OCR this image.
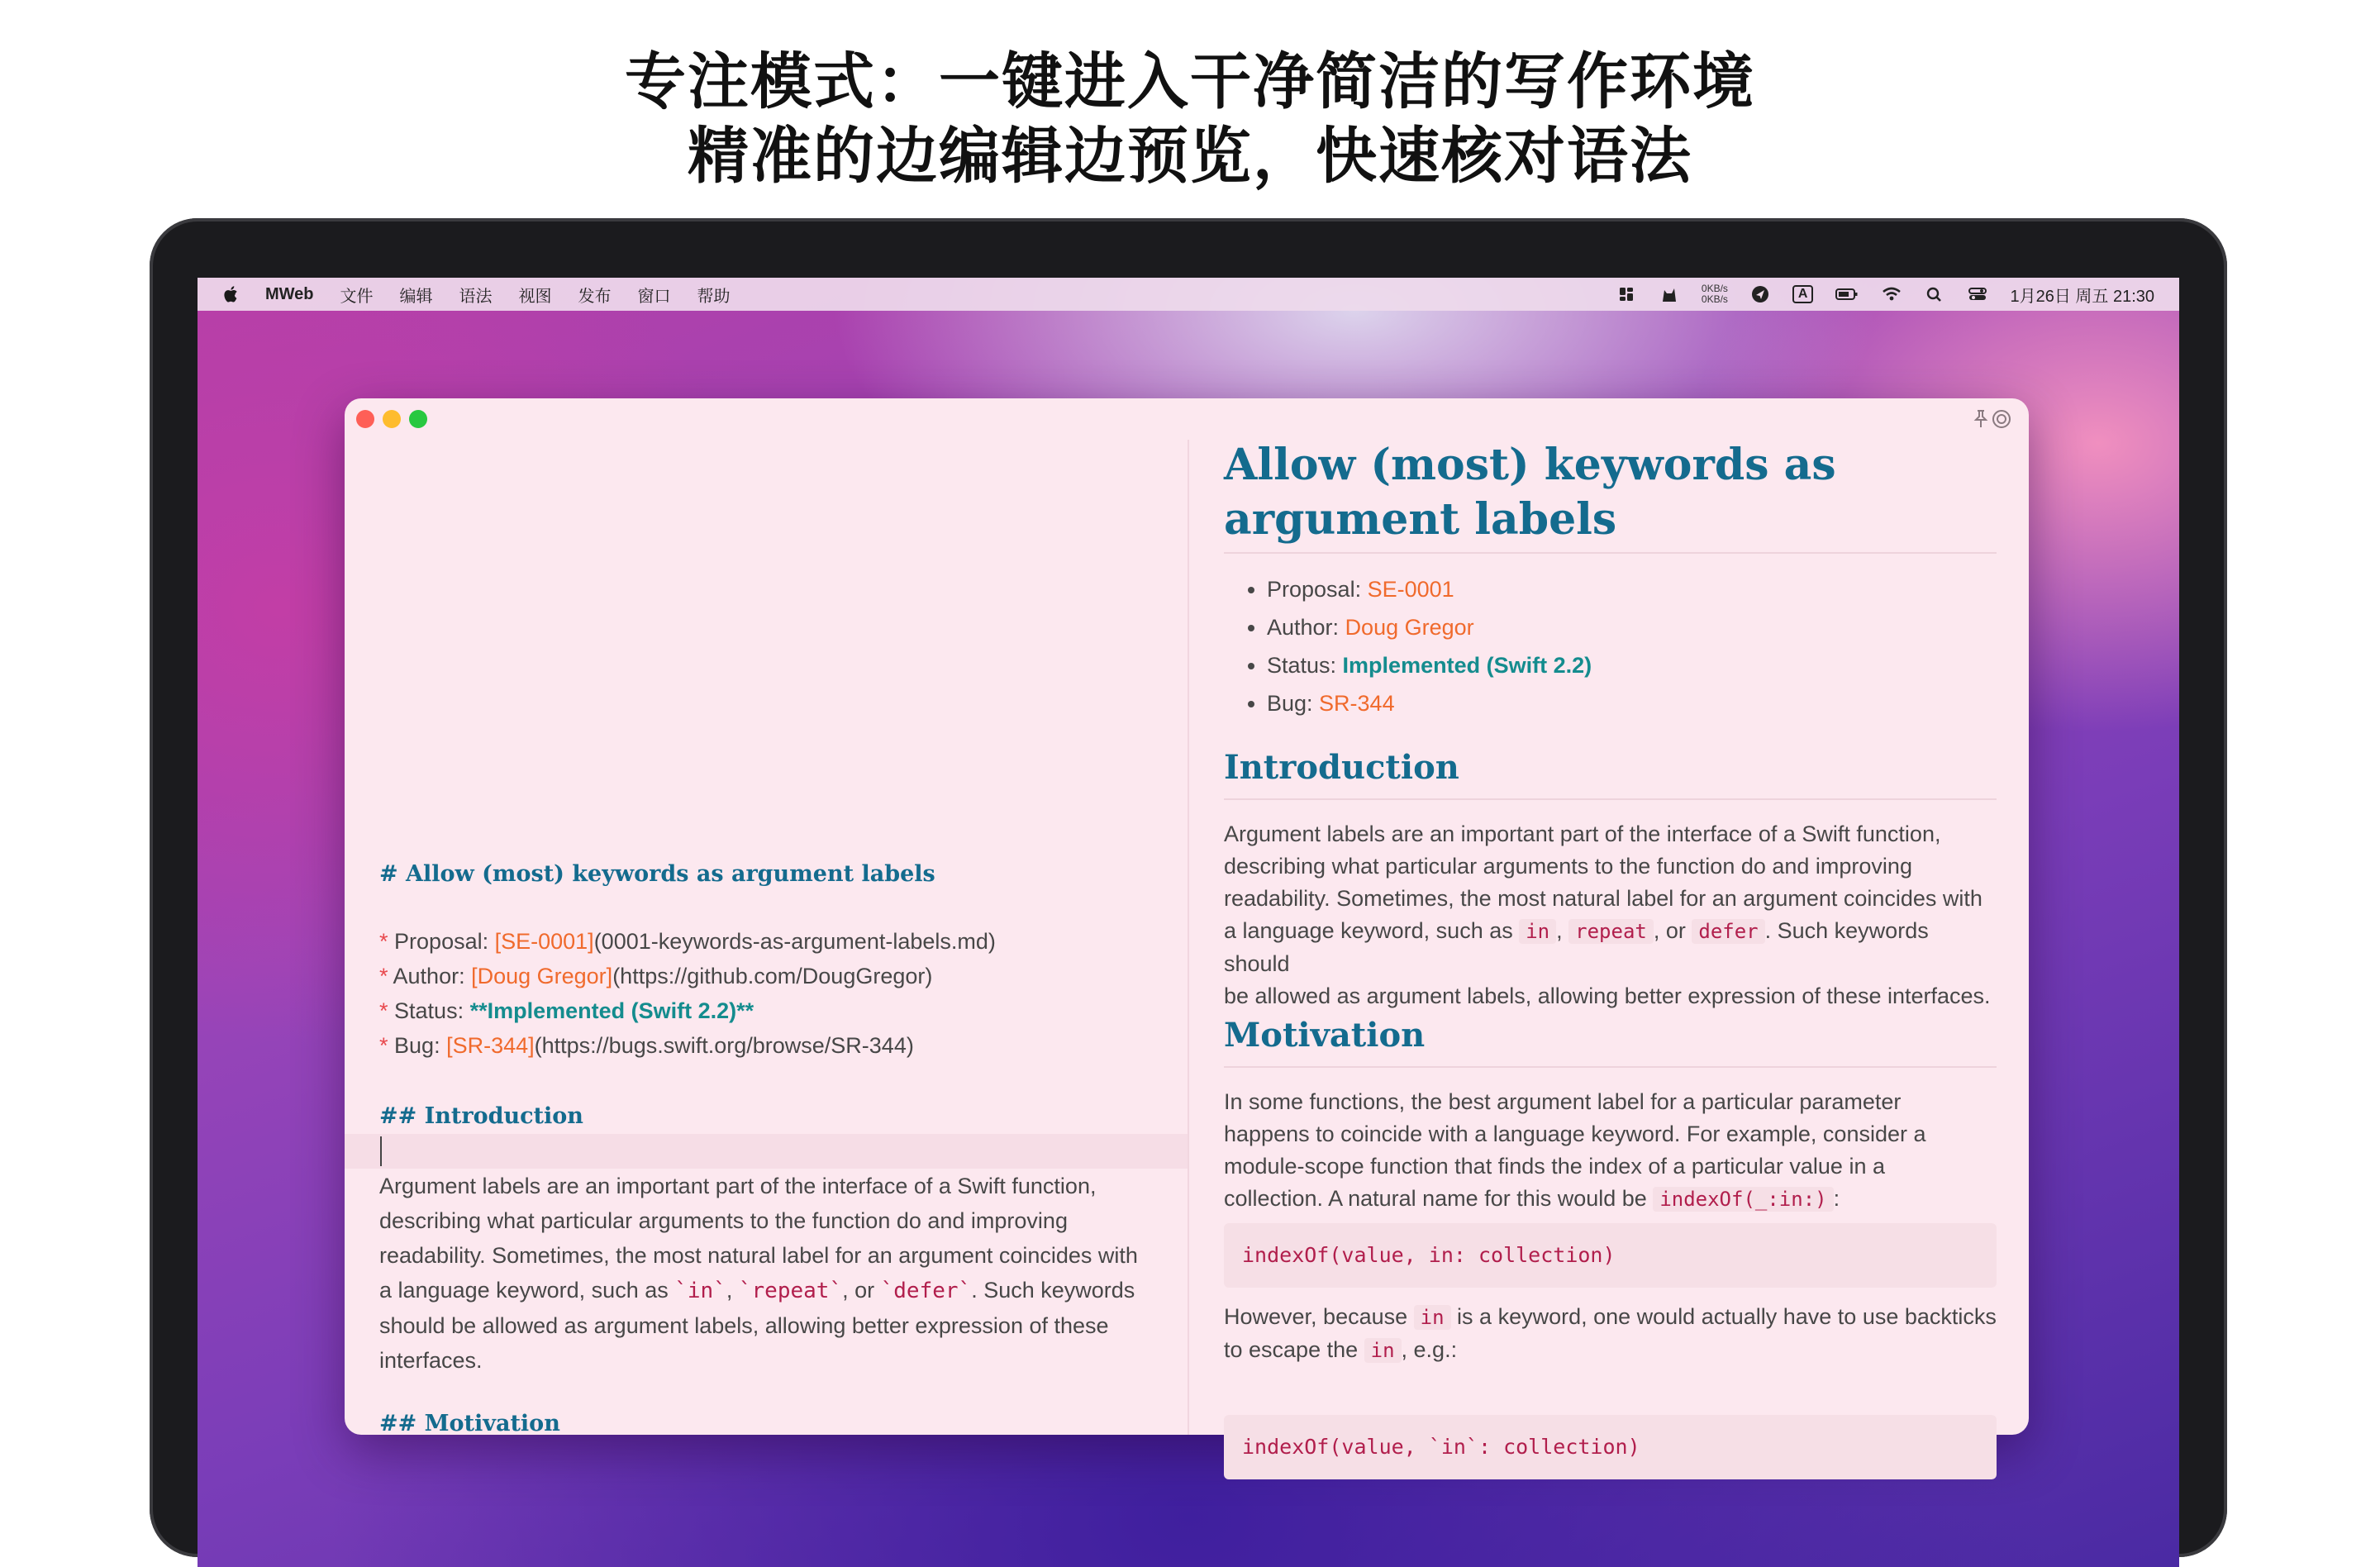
专注模式：一键进入干净简洁的写作环境
精准的边编辑边预览，快速核对语法
MWeb 文件 编辑 语法 视图 发布 窗口 帮助	0KB/s
0KB/s	A	1月26日 周五 21:30
# Allow (most) keywords as argument labels
* Proposal: [SE-0001](0001-keywords-as-argument-labels.md)
* Author: [Doug Gregor](https://github.com/DougGregor)
* Status: **Implemented (Swift 2.2)**
* Bug: [SR-344](https://bugs.swift.org/browse/SR-344)
## Introduction
Argument labels are an important part of the interface of a Swift function,
describing what particular arguments to the function do and improving
readability. Sometimes, the most natural label for an argument coincides with
a language keyword, such as `in`, `repeat`, or `defer`. Such keywords
should be allowed as argument labels, allowing better expression of these
interfaces.
## Motivation
Allow (most) keywords as
argument labels
• Proposal: SE-0001
• Author: Doug Gregor
• Status: Implemented (Swift 2.2)
• Bug: SR-344
Introduction
Argument labels are an important part of the interface of a Swift function,
describing what particular arguments to the function do and improving
readability. Sometimes, the most natural label for an argument coincides with
a language keyword, such as in , repeat , or defer . Such keywords should
be allowed as argument labels, allowing better expression of these interfaces.
Motivation
In some functions, the best argument label for a particular parameter
happens to coincide with a language keyword. For example, consider a
module-scope function that finds the index of a particular value in a
collection. A natural name for this would be indexOf(_:in:) :
indexOf(value, in: collection)
However, because in is a keyword, one would actually have to use backticks
to escape the in , e.g.:
indexOf(value, `in`: collection)
